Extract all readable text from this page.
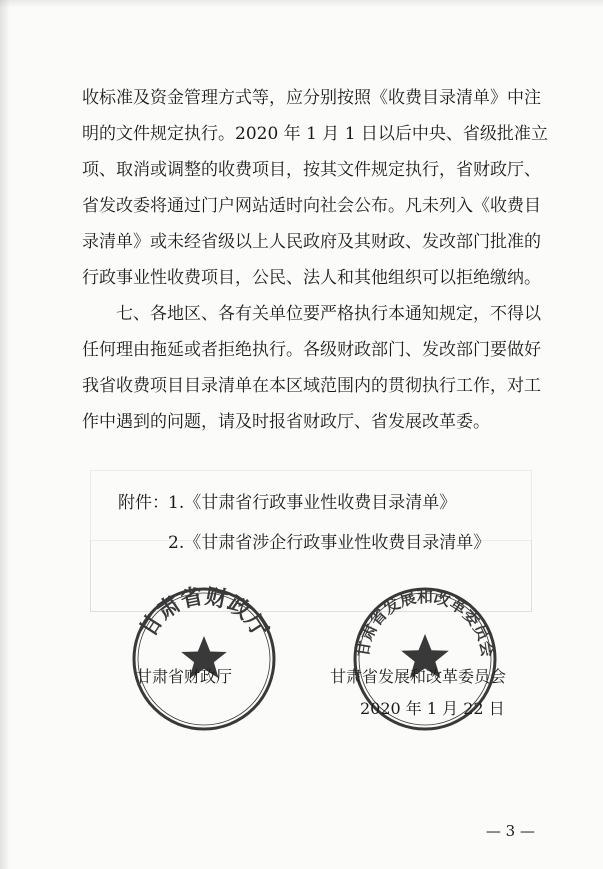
收标准及资金管理方式等，应分别按照《收费目录清单》中注
明的文件规定执行。2020 年 1 月 1 日以后中央、省级批准立
项、取消或调整的收费项目，按其文件规定执行，省财政厅、
省发改委将通过门户网站适时向社会公布。凡未列入《收费目
录清单》或未经省级以上人民政府及其财政、发改部门批准的
行政事业性收费项目，公民、法人和其他组织可以拒绝缴纳。
七、各地区、各有关单位要严格执行本通知规定，不得以
任何理由拖延或者拒绝执行。各级财政部门、发改部门要做好
我省收费项目目录清单在本区域范围内的贯彻执行工作，对工
作中遇到的问题，请及时报省财政厅、省发展改革委。
附件： 1.《甘肃省行政事业性收费目录清单》
2.《甘肃省涉企行政事业性收费目录清单》
甘肃省财政厅	甘肃省发展和改革委员会
2020 年 1 月 22 日
甘肃省财政厅
甘肃省发展和改革委员会
— 3 —
